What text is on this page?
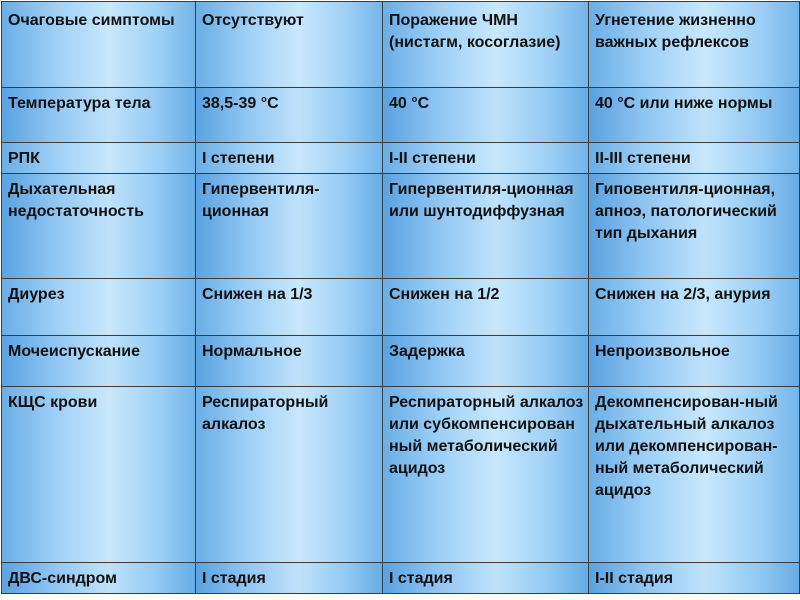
Очаговые симптомы	Отсутствуют	Поражение ЧМН (нистагм, косоглазие)	Угнетение жизненно важных рефлексов
Температура тела	38,5-39 °С	40 °С	40 °С или ниже нормы
РПК	I степени	I-II степени	II-III степени
Дыхательная недостаточность	Гипервентиля-ционная	Гипервентиля-ционная или шунтодиффузная	Гиповентиля-ционная, апноэ, патологический тип дыхания
Диурез	Снижен на 1/3	Снижен на 1/2	Снижен на 2/3, анурия
Мочеиспускание	Нормальное	Задержка	Непроизвольное
КЩС крови	Респираторный алкалоз	Респираторный алкалоз или субкомпенсирован ный метаболический ацидоз	Декомпенсирован-ный дыхательный алкалоз или декомпенсирован-ный метаболический ацидоз
ДВС-синдром	I стадия	I стадия	I-II стадия
